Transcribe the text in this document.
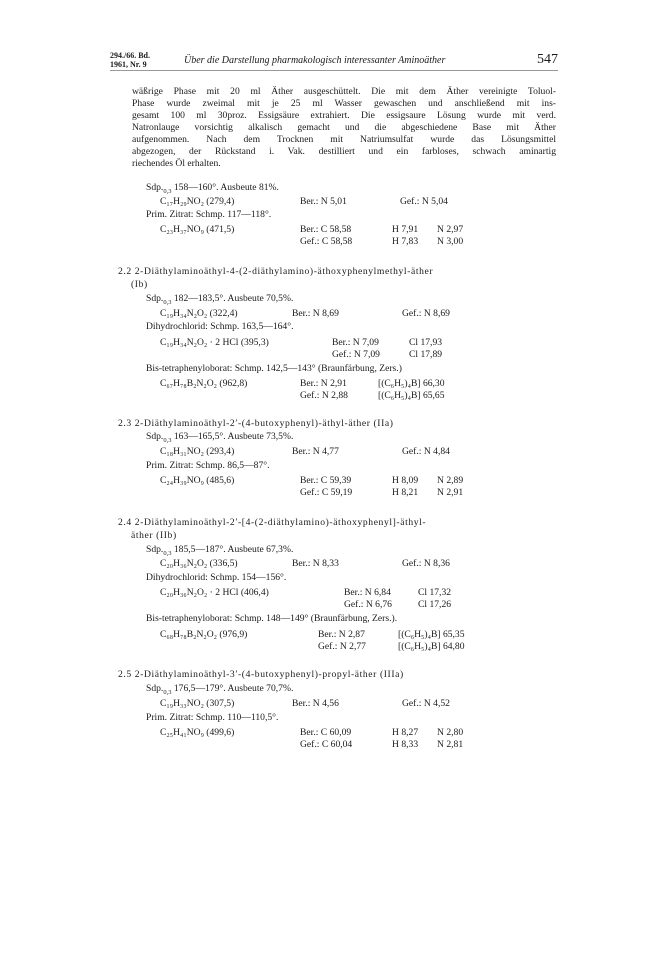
294./66. Bd.
1961, Nr. 9	Über die Darstellung pharmakologisch interessanter Aminoäther	547
wäßrige Phase mit 20 ml Äther ausgeschüttelt. Die mit dem Äther vereinigte Toluol-
Phase wurde zweimal mit je 25 ml Wasser gewaschen und anschließend mit ins-
gesamt 100 ml 30proz. Essigsäure extrahiert. Die essigsaure Lösung wurde mit verd.
Natronlauge vorsichtig alkalisch gemacht und die abgeschiedene Base mit Äther
aufgenommen. Nach dem Trocknen mit Natriumsulfat wurde das Lösungsmittel
abgezogen, der Rückstand i. Vak. destilliert und ein farbloses, schwach aminartig
riechendes Öl erhalten.
$Sdp._{0,3}$ 158—160°. Ausbeute 81%.
C₁₇H₂₉NO₂ (279,4)	Ber.: N 5,01	Gef.: N 5,04
Prim. Zitrat: Schmp. 117—118°.
C₂₃H₃₇NO₉ (471,5)	Ber.: C 58,58	H 7,91 N 2,97
Gef.: C 58,58	H 7,83 N 3,00
2.2 2-Diäthylaminoäthyl-4-(2-diäthylamino)-äthoxyphenylmethyl-äther
(Ib)
$Sdp._{0,3}$ 182—183,5°. Ausbeute 70,5%.
C₁₉H₃₄N₂O₂ (322,4)	Ber.: N 8,69	Gef.: N 8,69
Dihydrochlorid: Schmp. 163,5—164°.
C₁₉H₃₄N₂O₂ · 2 HCl (395,3)	Ber.: N 7,09	Cl 17,93
Gef.: N 7,09	Cl 17,89
Bis-tetraphenyloborat: Schmp. 142,5—143° (Braunfärbung, Zers.)
C₆₇H₇₈B₂N₂O₂ (962,8)	Ber.: N 2,91	[(C₆H₅)₄B] 66,30
Gef.: N 2,88	[(C₆H₅)₄B] 65,65
2.3 2-Diäthylaminoäthyl-2′-(4-butoxyphenyl)-äthyl-äther (IIa)
$Sdp._{0,3}$ 163—165,5°. Ausbeute 73,5%.
C₁₈H₃₁NO₂ (293,4)	Ber.: N 4,77	Gef.: N 4,84
Prim. Zitrat: Schmp. 86,5—87°.
C₂₄H₃₉NO₉ (485,6)	Ber.: C 59,39	H 8,09 N 2,89
Gef.: C 59,19	H 8,21 N 2,91
2.4 2-Diäthylaminoäthyl-2′-[4-(2-diäthylamino)-äthoxyphenyl]-äthyl-
äther (IIb)
$Sdp._{0,3}$ 185,5—187°. Ausbeute 67,3%.
C₂₀H₃₆N₂O₂ (336,5)	Ber.: N 8,33	Gef.: N 8,36
Dihydrochlorid: Schmp. 154—156°.
C₂₀H₃₆N₂O₂ · 2 HCl (406,4)	Ber.: N 6,84	Cl 17,32
Gef.: N 6,76	Cl 17,26
Bis-tetraphenyloborat: Schmp. 148—149° (Braunfärbung, Zers.).
C₆₈H₇₈B₂N₂O₂ (976,9)	Ber.: N 2,87	[(C₆H₅)₄B] 65,35
Gef.: N 2,77	[(C₆H₅)₄B] 64,80
2.5 2-Diäthylaminoäthyl-3′-(4-butoxyphenyl)-propyl-äther (IIIa)
$Sdp._{0,3}$ 176,5—179°. Ausbeute 70,7%.
C₁₉H₃₃NO₂ (307,5)	Ber.: N 4,56	Gef.: N 4,52
Prim. Zitrat: Schmp. 110—110,5°.
C₂₅H₄₁NO₉ (499,6)	Ber.: C 60,09	H 8,27 N 2,80
Gef.: C 60,04	H 8,33 N 2,81
